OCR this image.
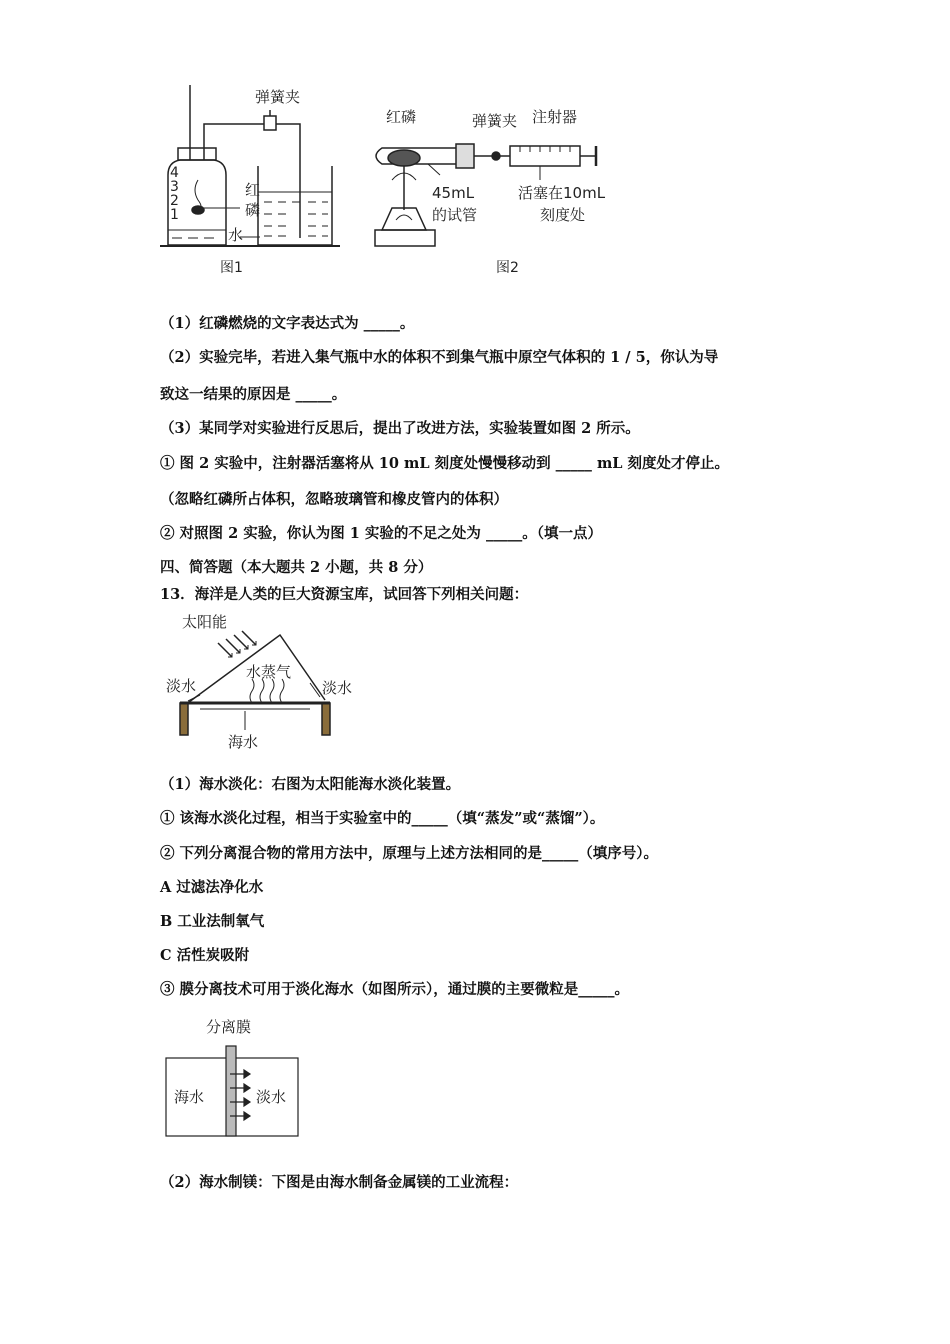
4
3
2
1
弹簧夹
红
磷
水
图1
红磷	弹簧夹 注射器
45mL
的试管
活塞在10mL
刻度处
图2
（1）红磷燃烧的文字表达式为 _____。
（2）实验完毕，若进入集气瓶中水的体积不到集气瓶中原空气体积的 1 / 5，你认为导
致这一结果的原因是 _____。
（3）某同学对实验进行反思后，提出了改进方法，实验装置如图 2 所示。
① 图 2 实验中，注射器活塞将从 10 mL 刻度处慢慢移动到 _____ mL 刻度处才停止。
（忽略红磷所占体积，忽略玻璃管和橡皮管内的体积）
② 对照图 2 实验，你认为图 1 实验的不足之处为 _____。（填一点）
四、简答题（本大题共 2 小题，共 8 分）
13．海洋是人类的巨大资源宝库，试回答下列相关问题：
太阳能
水蒸气
淡水	淡水
海水
（1）海水淡化：右图为太阳能海水淡化装置。
① 该海水淡化过程，相当于实验室中的_____（填“蒸发”或“蒸馏”）。
② 下列分离混合物的常用方法中，原理与上述方法相同的是_____（填序号）。
A 过滤法净化水
B 工业法制氧气
C 活性炭吸附
③ 膜分离技术可用于淡化海水（如图所示），通过膜的主要微粒是_____。
分离膜
海水	淡水
（2）海水制镁：下图是由海水制备金属镁的工业流程：
